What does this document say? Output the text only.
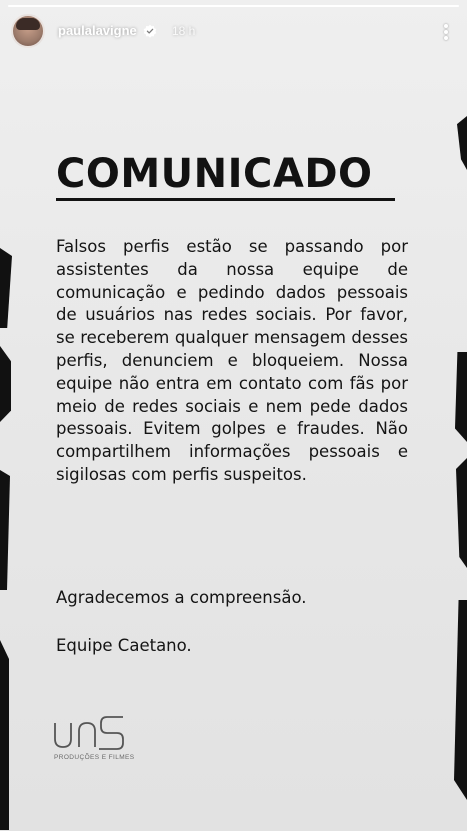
paulalavigne	18 h
COMUNICADO
Falsos perfis estão se passando por assistentes da nossa equipe de comunicação e pedindo dados pessoais de usuários nas redes sociais. Por favor, se receberem qualquer mensagem desses perfis, denunciem e bloqueiem. Nossa equipe não entra em contato com fãs por meio de redes sociais e nem pede dados pessoais. Evitem golpes e fraudes. Não compartilhem informações pessoais e sigilosas com perfis suspeitos.
Agradecemos a compreensão.
Equipe Caetano.
PRODUÇÕES E FILMES
